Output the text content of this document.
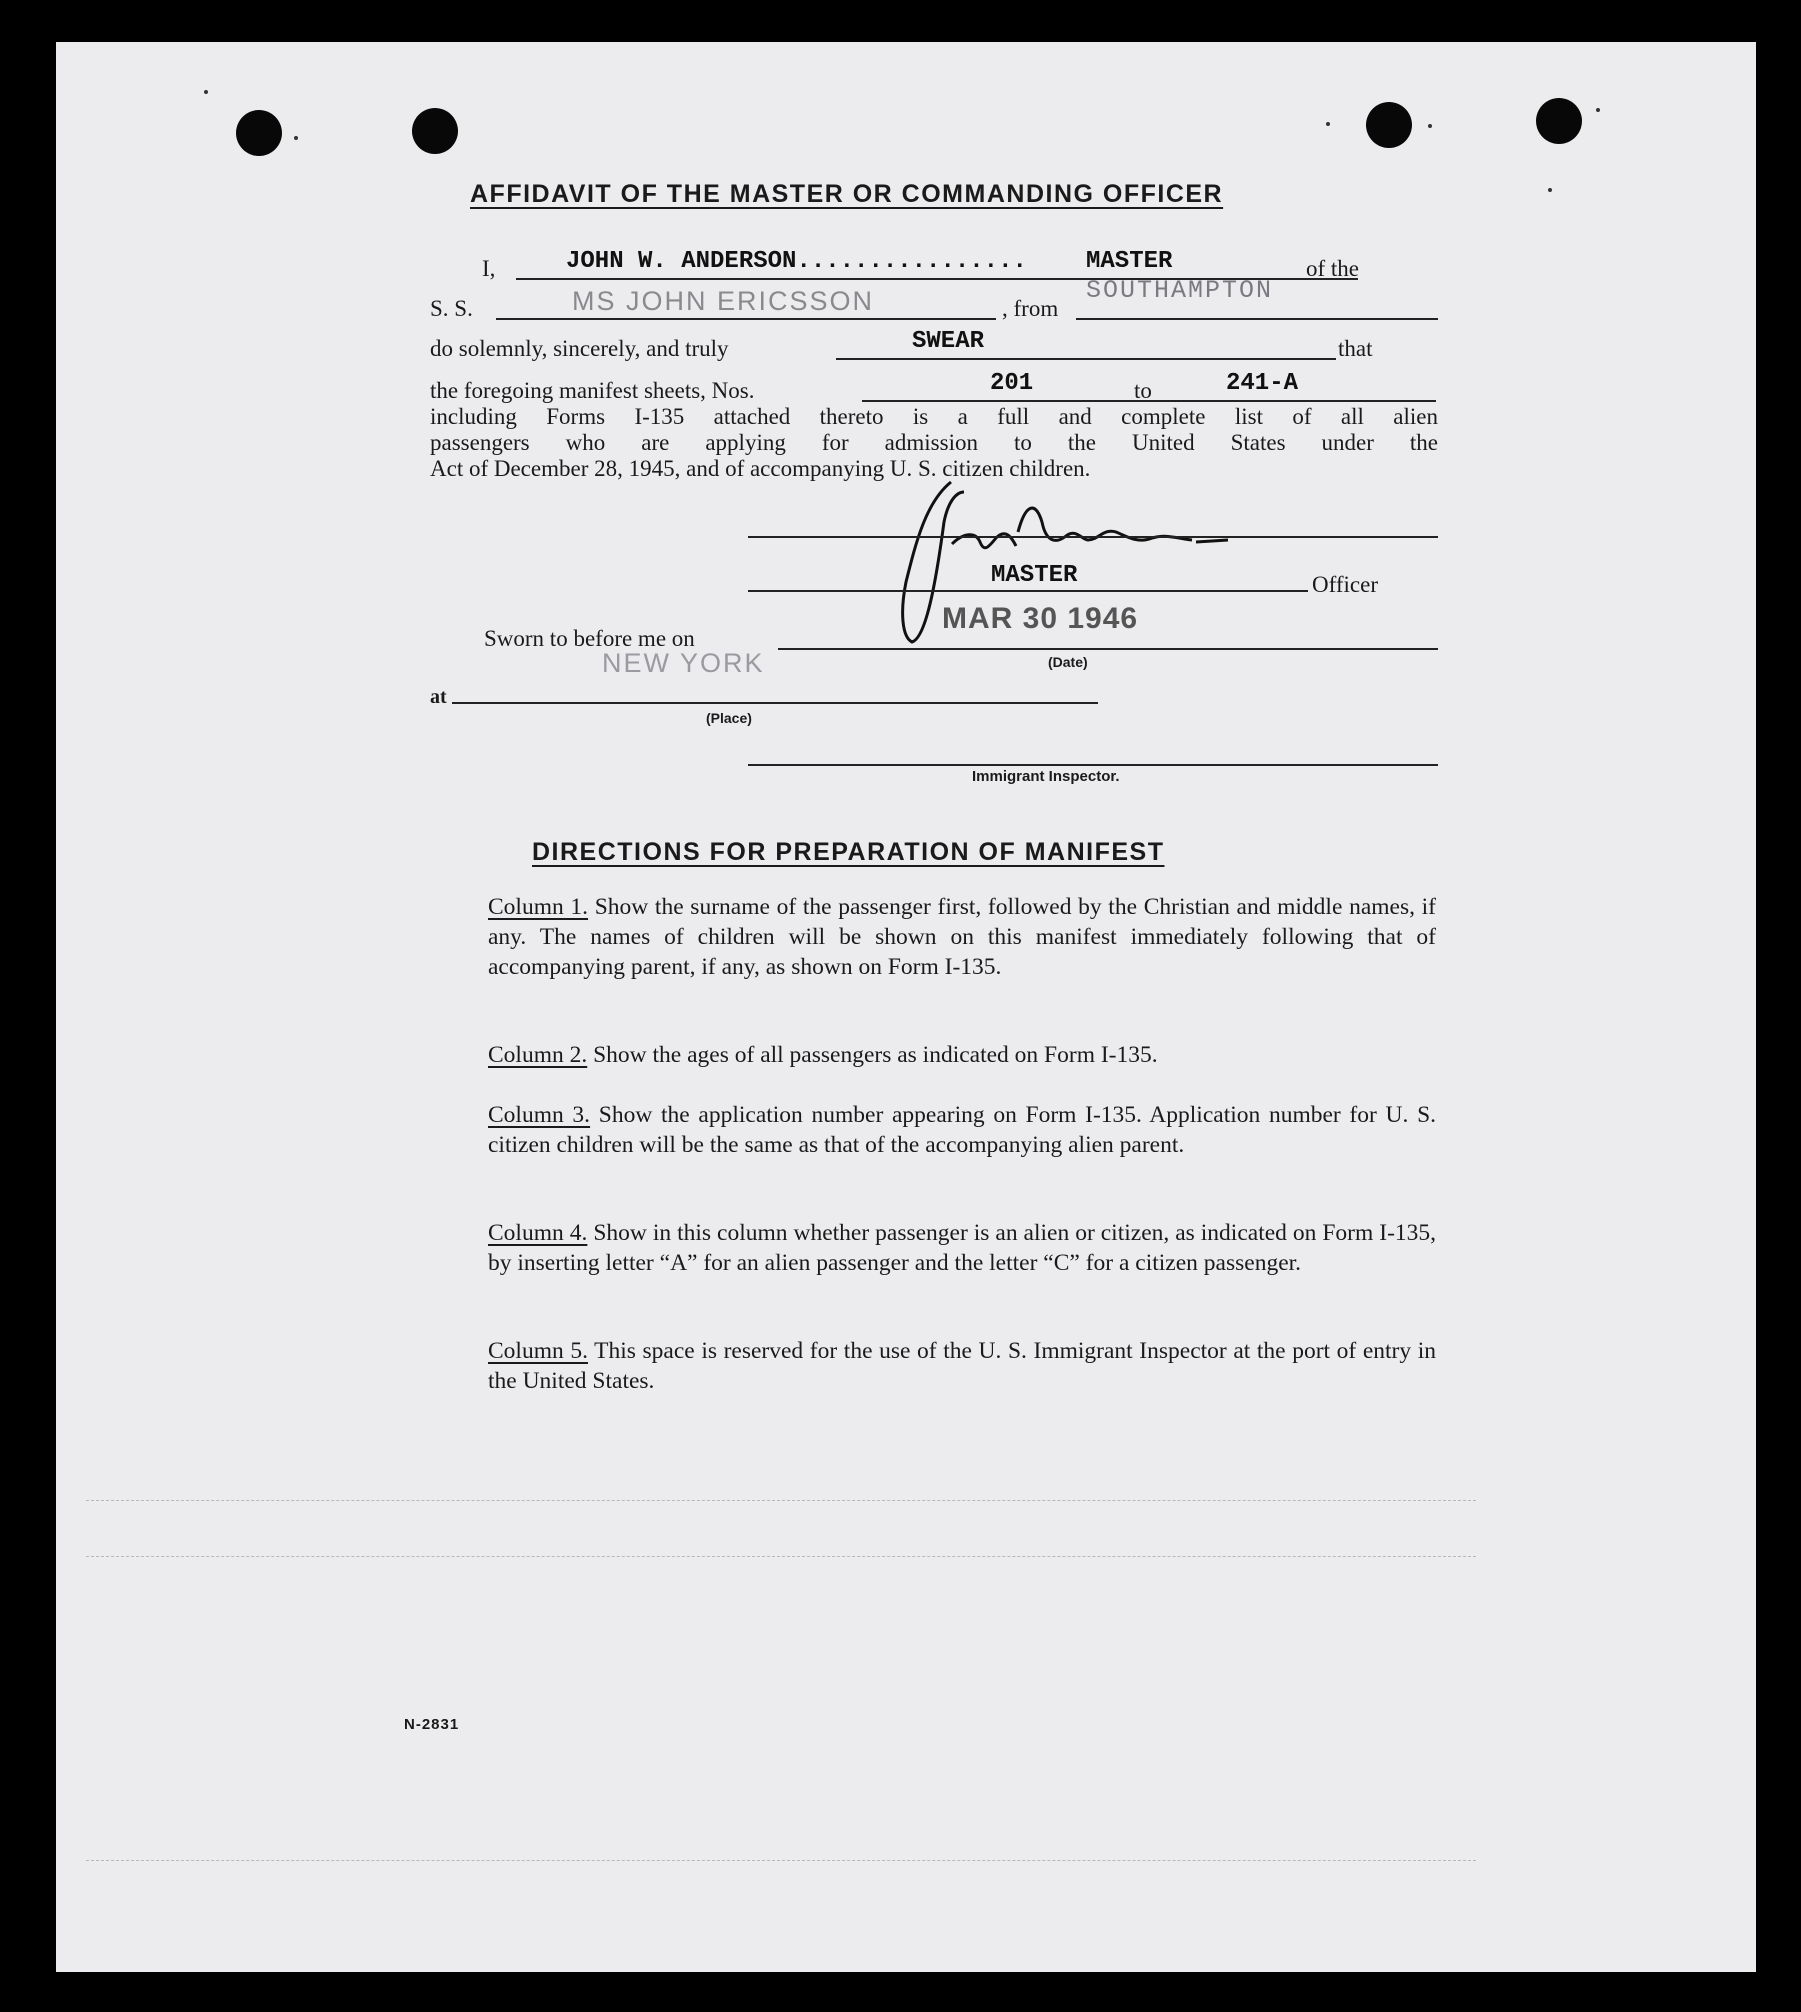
AFFIDAVIT OF THE MASTER OR COMMANDING OFFICER
I,	JOHN W. ANDERSON................ MASTER	of the
S. S.	MS JOHN ERICSSON	, from
SOUTHAMPTON
do solemnly, sincerely, and truly	SWEAR	that
the foregoing manifest sheets, Nos.	201	to	241-A
including Forms I-135 attached thereto is a full and complete list of all alien
passengers who are applying for admission to the United States under the
Act of December 28, 1945, and of accompanying U. S. citizen children.
MASTER	Officer
Sworn to before me on
MAR 30 1946
(Date)
NEW YORK
at
(Place)
Immigrant Inspector.
DIRECTIONS FOR PREPARATION OF MANIFEST
Column 1. Show the surname of the passenger first, followed by the Christian and middle names, if any. The names of children will be shown on this manifest immediately following that of accompanying parent, if any, as shown on Form I-135.
Column 2. Show the ages of all passengers as indicated on Form I-135.
Column 3. Show the application number appearing on Form I-135. Application number for U. S. citizen children will be the same as that of the accompanying alien parent.
Column 4. Show in this column whether passenger is an alien or citizen, as indicated on Form I-135, by inserting letter “A” for an alien passenger and the letter “C” for a citizen passenger.
Column 5. This space is reserved for the use of the U. S. Immigrant Inspector at the port of entry in the United States.
N-2831
